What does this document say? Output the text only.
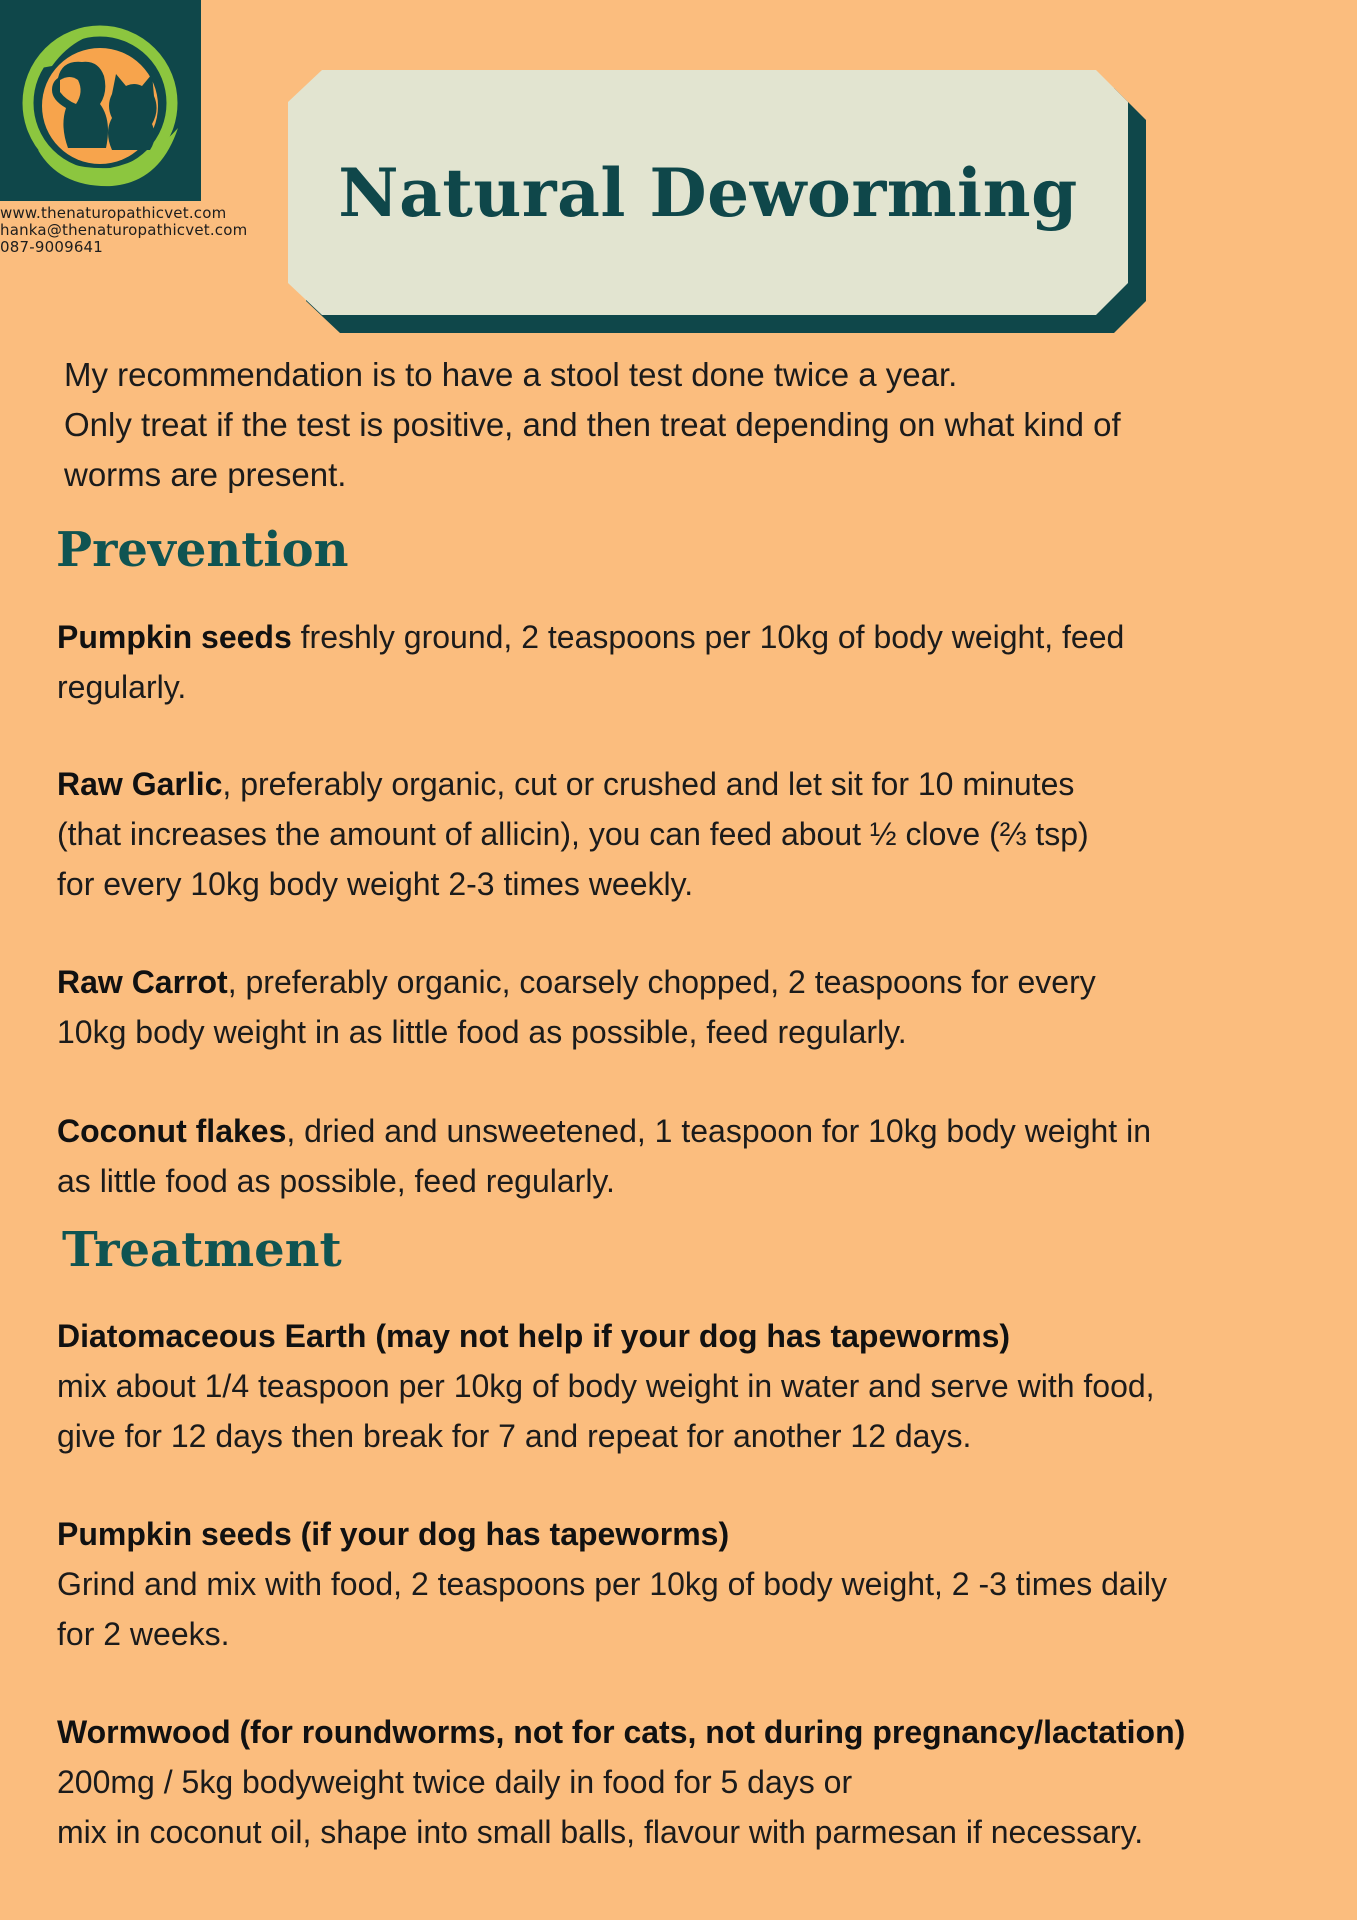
www.thenaturopathicvet.com
hanka@thenaturopathicvet.com
087-9009641
Natural Deworming
My recommendation is to have a stool test done twice a year.
Only treat if the test is positive, and then treat depending on what kind of
worms are present.
Prevention
Pumpkin seeds freshly ground, 2 teaspoons per 10kg of body weight, feed
regularly.
Raw Garlic, preferably organic, cut or crushed and let sit for 10 minutes
(that increases the amount of allicin), you can feed about ½ clove (⅔ tsp)
for every 10kg body weight 2-3 times weekly.
Raw Carrot, preferably organic, coarsely chopped, 2 teaspoons for every
10kg body weight in as little food as possible, feed regularly.
Coconut flakes, dried and unsweetened, 1 teaspoon for 10kg body weight in
as little food as possible, feed regularly.
Treatment
Diatomaceous Earth (may not help if your dog has tapeworms)
mix about 1/4 teaspoon per 10kg of body weight in water and serve with food,
give for 12 days then break for 7 and repeat for another 12 days.
Pumpkin seeds (if your dog has tapeworms)
Grind and mix with food, 2 teaspoons per 10kg of body weight, 2 -3 times daily
for 2 weeks.
Wormwood (for roundworms, not for cats, not during pregnancy/lactation)
200mg / 5kg bodyweight twice daily in food for 5 days or
mix in coconut oil, shape into small balls, flavour with parmesan if necessary.
